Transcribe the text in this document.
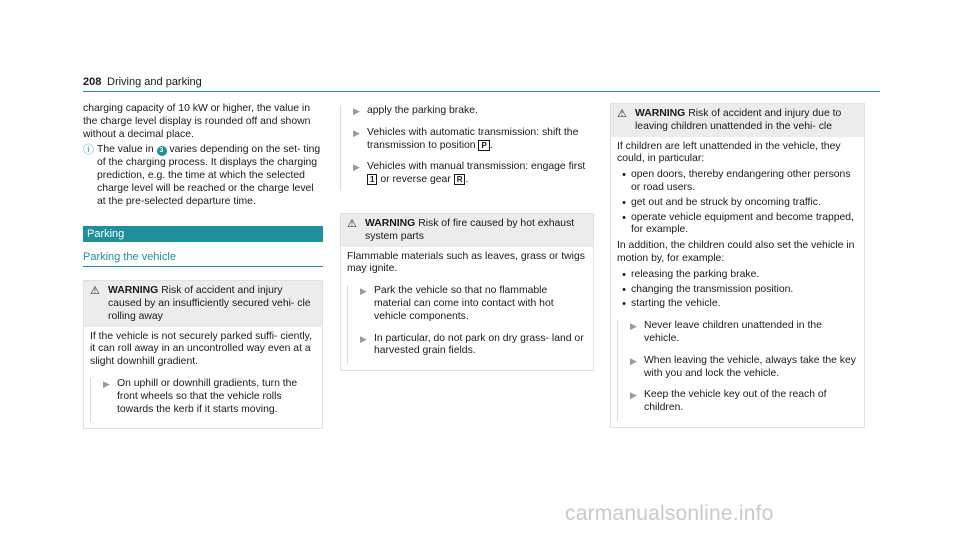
208 Driving and parking

charging capacity of 10 kW or higher, the value in the charge level display is rounded off and shown without a decimal place.

ⓘ The value in 3 varies depending on the set- ting of the charging process. It displays the charging prediction, e.g. the time at which the selected charge level will be reached or the charge level at the pre-selected departure time.
Parking
Parking the vehicle
⚠ WARNING Risk of accident and injury caused by an insufficiently secured vehi- cle rolling away

If the vehicle is not securely parked suffi- ciently, it can roll away in an uncontrolled way even at a slight downhill gradient.

▶ On uphill or downhill gradients, turn the front wheels so that the vehicle rolls towards the kerb if it starts moving.
▶ apply the parking brake.
▶ Vehicles with automatic transmission: shift the transmission to position P .
▶ Vehicles with manual transmission: engage first 1 or reverse gear R .
⚠ WARNING Risk of fire caused by hot exhaust system parts

Flammable materials such as leaves, grass or twigs may ignite.

▶ Park the vehicle so that no flammable material can come into contact with hot vehicle components.
▶ In particular, do not park on dry grass- land or harvested grain fields.
⚠ WARNING Risk of accident and injury due to leaving children unattended in the vehi- cle

If children are left unattended in the vehicle, they could, in particular:

• open doors, thereby endangering other persons or road users.
• get out and be struck by oncoming traffic.
• operate vehicle equipment and become trapped, for example.

In addition, the children could also set the vehicle in motion by, for example:

• releasing the parking brake.
• changing the transmission position.
• starting the vehicle.
▶ Never leave children unattended in the vehicle.
▶ When leaving the vehicle, always take the key with you and lock the vehicle.
▶ Keep the vehicle key out of the reach of children.
carmanualsonline.info
